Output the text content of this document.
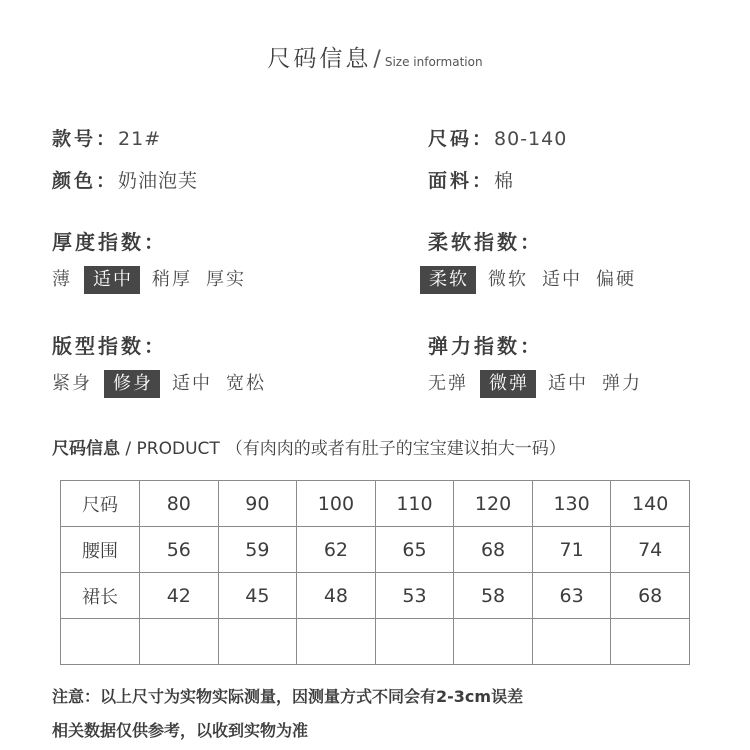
尺码信息/ Size information
款号：21#	尺码：80-140
颜色：奶油泡芙	面料：棉
厚度指数：
薄	适中	稍厚 厚实
柔软指数：
柔软	微软 适中 偏硬
版型指数：
紧身	修身	适中 宽松
弹力指数：
无弹	微弹	适中 弹力
尺码信息 / PRODUCT （有肉肉的或者有肚子的宝宝建议拍大一码）
尺码	80	90	100	110	120	130	140
腰围	56	59	62	65	68	71	74
裙长	42	45	48	53	58	63	68

注意：以上尺寸为实物实际测量，因测量方式不同会有2-3cm误差
相关数据仅供参考，以收到实物为准
